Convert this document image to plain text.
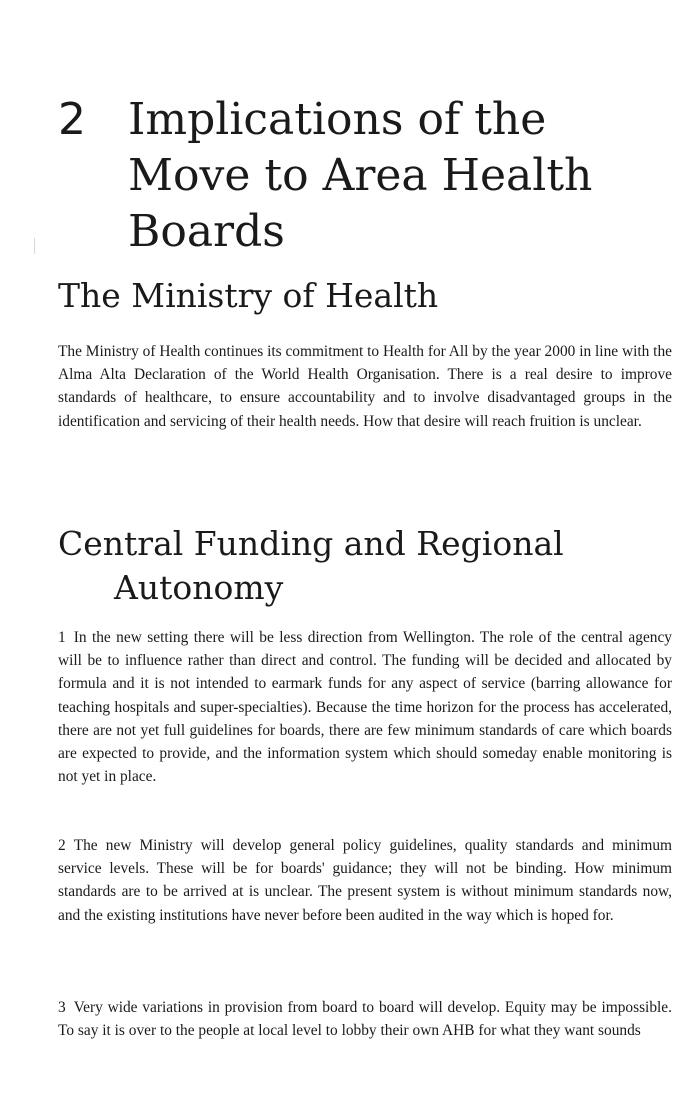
2 Implications of the
Move to Area Health
Boards
The Ministry of Health

The Ministry of Health continues its commitment to Health for All by the year 2000 in line with the Alma Alta Declaration of the World Health Organisation. There is a real desire to improve standards of healthcare, to ensure accountability and to involve disadvantaged groups in the identification and servicing of their health needs. How that desire will reach fruition is unclear.

Central Funding and Regional
Autonomy

1 In the new setting there will be less direction from Wellington. The role of the central agency will be to influence rather than direct and control. The funding will be decided and allocated by formula and it is not intended to earmark funds for any aspect of service (barring allowance for teaching hospitals and super-specialties). Because the time horizon for the process has accelerated, there are not yet full guidelines for boards, there are few minimum standards of care which boards are expected to provide, and the information system which should someday enable monitoring is not yet in place.

2 The new Ministry will develop general policy guidelines, quality standards and minimum service levels. These will be for boards' guidance; they will not be binding. How minimum standards are to be arrived at is unclear. The present system is without minimum standards now, and the existing institutions have never before been audited in the way which is hoped for.

3 Very wide variations in provision from board to board will develop. Equity may be impossible. To say it is over to the people at local level to lobby their own AHB for what they want sounds
